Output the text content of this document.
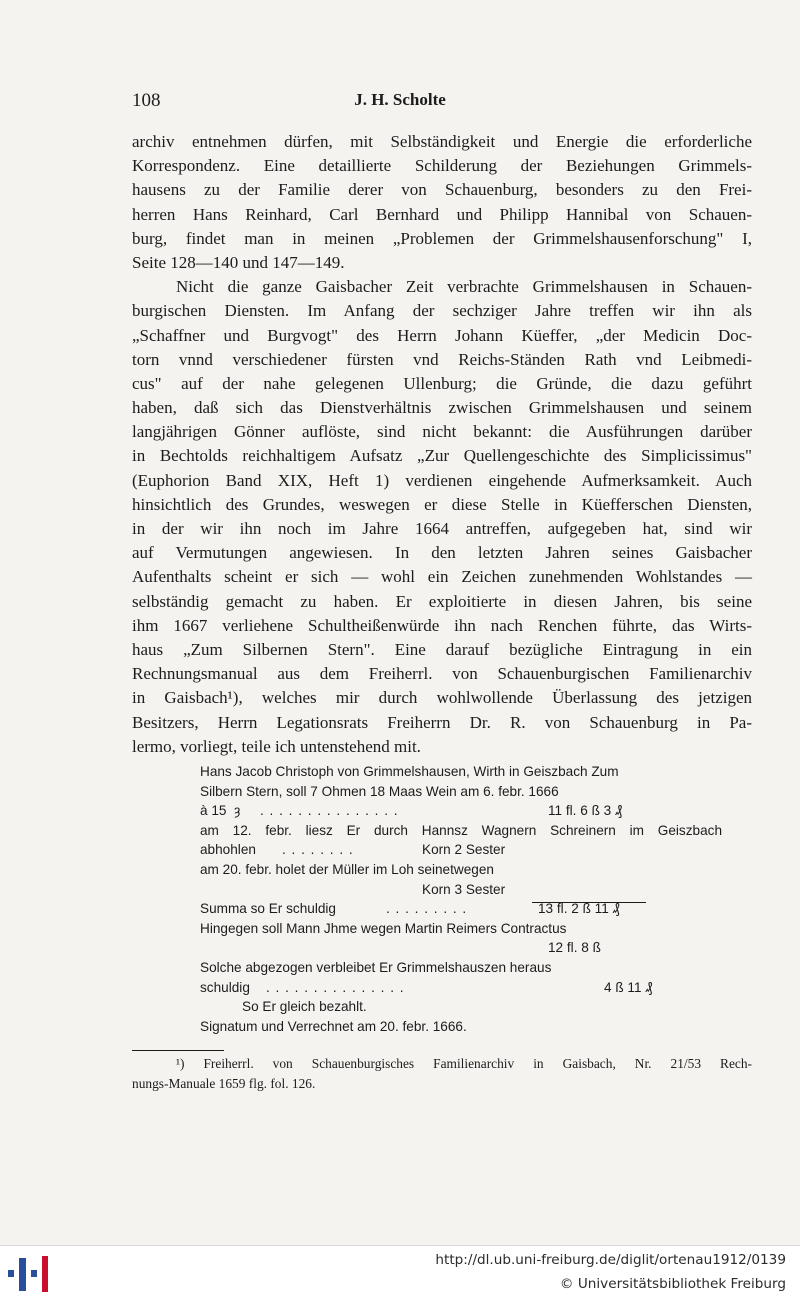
108	J. H. Scholte
archiv entnehmen dürfen, mit Selbständigkeit und Energie die erforderliche
Korrespondenz. Eine detaillierte Schilderung der Beziehungen Grimmels-
hausens zu der Familie derer von Schauenburg, besonders zu den Frei-
herren Hans Reinhard, Carl Bernhard und Philipp Hannibal von Schauen-
burg, findet man in meinen „Problemen der Grimmelshausenforschung" I,
Seite 128—140 und 147—149.
Nicht die ganze Gaisbacher Zeit verbrachte Grimmelshausen in Schauen-
burgischen Diensten. Im Anfang der sechziger Jahre treffen wir ihn als
„Schaffner und Burgvogt" des Herrn Johann Küeffer, „der Medicin Doc-
torn vnnd verschiedener fürsten vnd Reichs-Ständen Rath vnd Leibmedi-
cus" auf der nahe gelegenen Ullenburg; die Gründe, die dazu geführt
haben, daß sich das Dienstverhältnis zwischen Grimmelshausen und seinem
langjährigen Gönner auflöste, sind nicht bekannt: die Ausführungen darüber
in Bechtolds reichhaltigem Aufsatz „Zur Quellengeschichte des Simplicissimus"
(Euphorion Band XIX, Heft 1) verdienen eingehende Aufmerksamkeit. Auch
hinsichtlich des Grundes, weswegen er diese Stelle in Küefferschen Diensten,
in der wir ihn noch im Jahre 1664 antreffen, aufgegeben hat, sind wir
auf Vermutungen angewiesen. In den letzten Jahren seines Gaisbacher
Aufenthalts scheint er sich — wohl ein Zeichen zunehmenden Wohlstandes —
selbständig gemacht zu haben. Er exploitierte in diesen Jahren, bis seine
ihm 1667 verliehene Schultheißenwürde ihn nach Renchen führte, das Wirts-
haus „Zum Silbernen Stern". Eine darauf bezügliche Eintragung in ein
Rechnungsmanual aus dem Freiherrl. von Schauenburgischen Familienarchiv
in Gaisbach¹), welches mir durch wohlwollende Überlassung des jetzigen
Besitzers, Herrn Legationsrats Freiherrn Dr. R. von Schauenburg in Pa-
lermo, vorliegt, teile ich untenstehend mit.
Hans Jacob Christoph von Grimmelshausen, Wirth in Geiszbach Zum
Silbern Stern, soll 7 Ohmen 18 Maas Wein am 6. febr. 1666
à 15 ȝ . . . . . . . . . . . . . . .	11 fl. 6 ß 3 ₰
am 12. febr. liesz Er durch Hannsz Wagnern Schreinern im Geiszbach
abhohlen . . . . . . . .	Korn 2 Sester
am 20. febr. holet der Müller im Loh seinetwegen
Korn 3 Sester
Summa so Er schuldig	. . . . . . . . .	13 fl. 2 ß 11 ₰
Hingegen soll Mann Jhme wegen Martin Reimers Contractus
12 fl. 8 ß
Solche abgezogen verbleibet Er Grimmelshauszen heraus
schuldig . . . . . . . . . . . . . . .	4 ß 11 ₰
So Er gleich bezahlt.
Signatum und Verrechnet am 20. febr. 1666.
¹) Freiherrl. von Schauenburgisches Familienarchiv in Gaisbach, Nr. 21/53 Rech-
nungs-Manuale 1659 flg. fol. 126.
http://dl.ub.uni-freiburg.de/diglit/ortenau1912/0139
© Universitätsbibliothek Freiburg
